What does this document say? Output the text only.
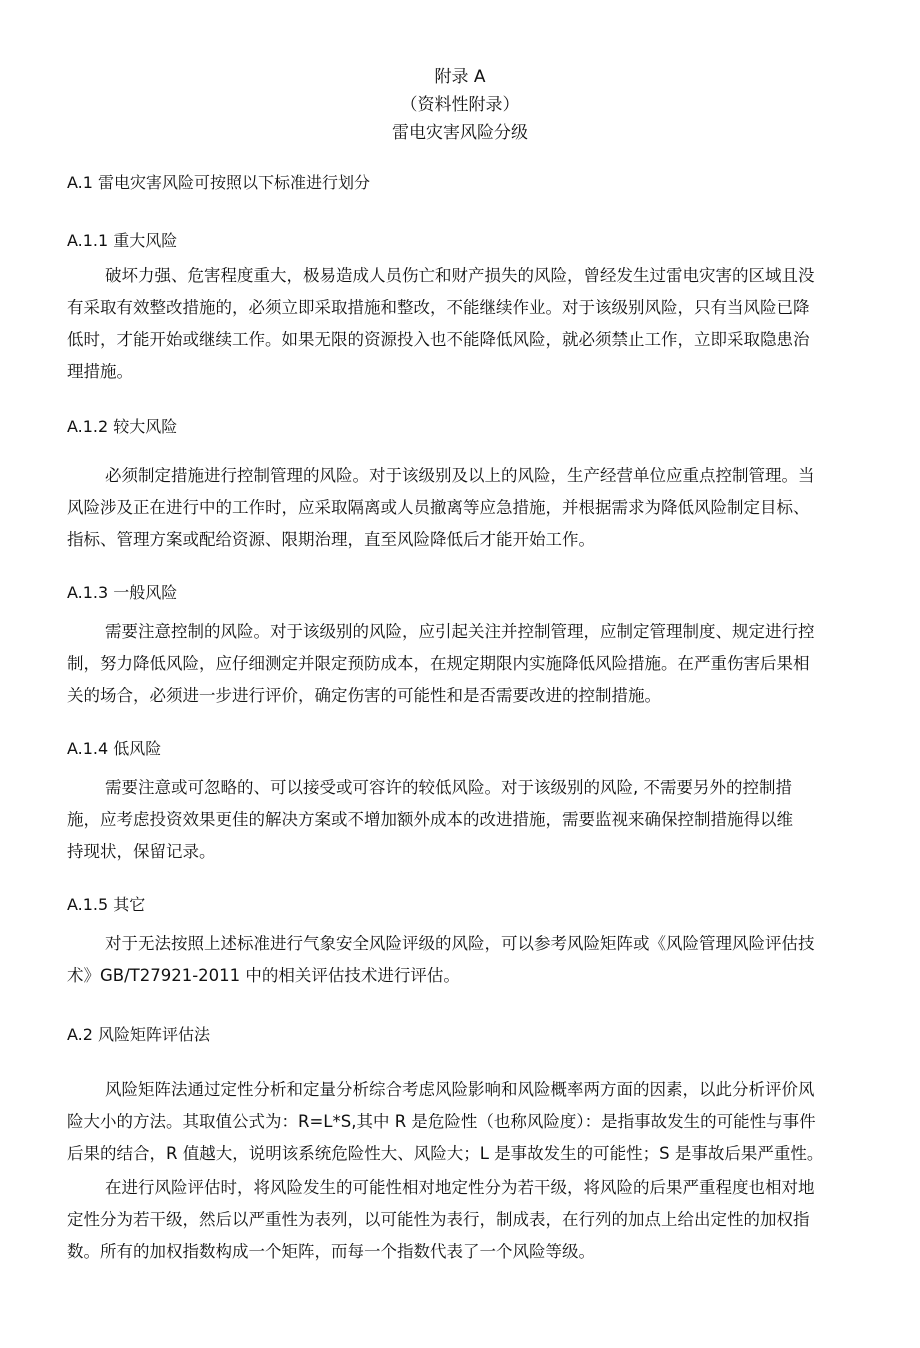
附录 A
（资料性附录）
雷电灾害风险分级
A.1 雷电灾害风险可按照以下标准进行划分
A.1.1 重大风险
破坏力强、危害程度重大，极易造成人员伤亡和财产损失的风险，曾经发生过雷电灾害的区域且没
有采取有效整改措施的，必须立即采取措施和整改，不能继续作业。对于该级别风险，只有当风险已降
低时，才能开始或继续工作。如果无限的资源投入也不能降低风险，就必须禁止工作，立即采取隐患治
理措施。
A.1.2 较大风险
必须制定措施进行控制管理的风险。对于该级别及以上的风险，生产经营单位应重点控制管理。当
风险涉及正在进行中的工作时，应采取隔离或人员撤离等应急措施，并根据需求为降低风险制定目标、
指标、管理方案或配给资源、限期治理，直至风险降低后才能开始工作。
A.1.3 一般风险
需要注意控制的风险。对于该级别的风险，应引起关注并控制管理，应制定管理制度、规定进行控
制，努力降低风险，应仔细测定并限定预防成本，在规定期限内实施降低风险措施。在严重伤害后果相
关的场合，必须进一步进行评价，确定伤害的可能性和是否需要改进的控制措施。
A.1.4 低风险
需要注意或可忽略的、可以接受或可容许的较低风险。对于该级别的风险, 不需要另外的控制措
施，应考虑投资效果更佳的解决方案或不增加额外成本的改进措施，需要监视来确保控制措施得以维
持现状，保留记录。
A.1.5 其它
对于无法按照上述标准进行气象安全风险评级的风险，可以参考风险矩阵或《风险管理风险评估技
术》GB/T27921-2011 中的相关评估技术进行评估。
A.2 风险矩阵评估法
风险矩阵法通过定性分析和定量分析综合考虑风险影响和风险概率两方面的因素，以此分析评价风
险大小的方法。其取值公式为：R=L*S,其中 R 是危险性（也称风险度）：是指事故发生的可能性与事件
后果的结合，R 值越大，说明该系统危险性大、风险大；L 是事故发生的可能性；S 是事故后果严重性。
在进行风险评估时，将风险发生的可能性相对地定性分为若干级，将风险的后果严重程度也相对地
定性分为若干级，然后以严重性为表列，以可能性为表行，制成表，在行列的加点上给出定性的加权指
数。所有的加权指数构成一个矩阵，而每一个指数代表了一个风险等级。
